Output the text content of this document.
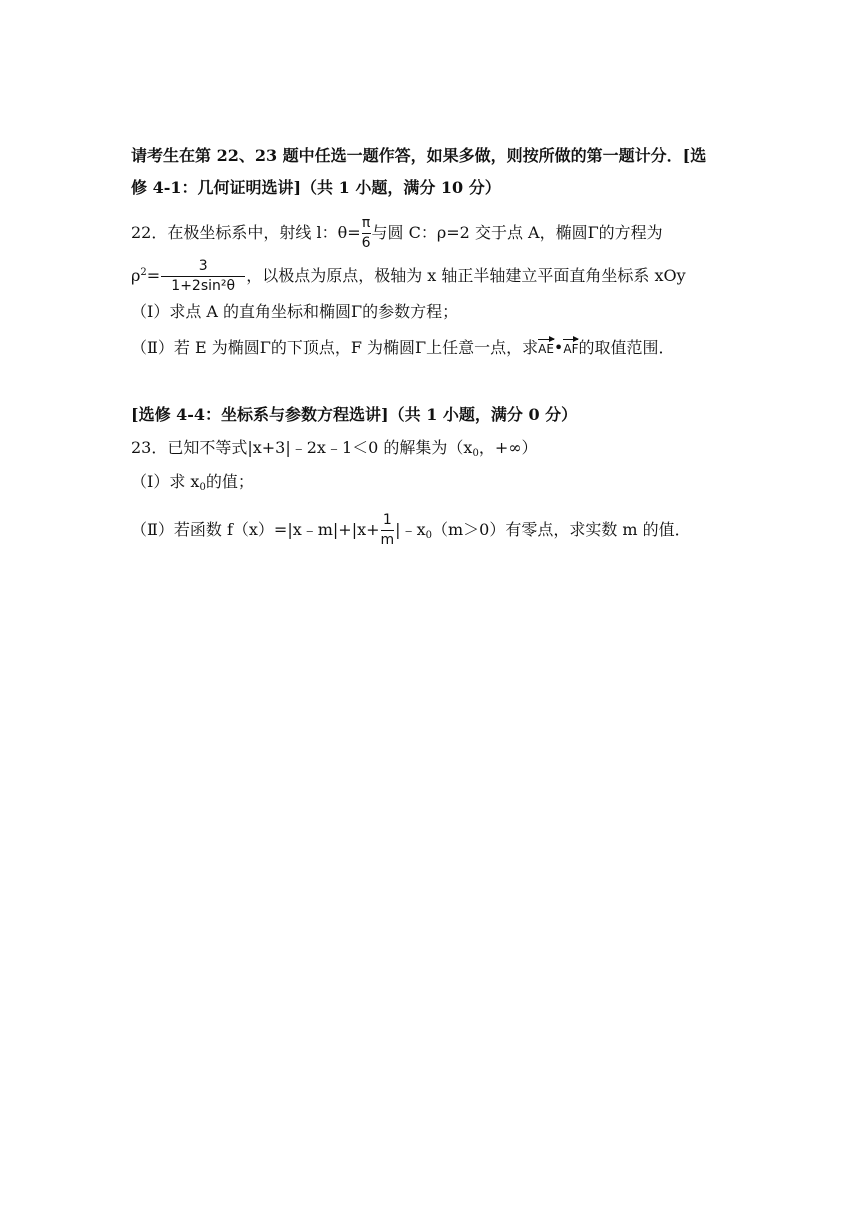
请考生在第 22、23 题中任选一题作答，如果多做，则按所做的第一题计分．[选
修 4-1：几何证明选讲]（共 1 小题，满分 10 分）
22．在极坐标系中，射线 l：$\theta= \frac{\pi}{6}$ 与圆 C：ρ=2 交于点 A，椭圆Γ的方程为
$\rho^2= \frac{3}{\text{1+2sin²θ}}$ ，以极点为原点，极轴为 x 轴正半轴建立平面直角坐标系 xOy
（Ⅰ）求点 A 的直角坐标和椭圆Γ的参数方程；
（Ⅱ）若 E 为椭圆Γ的下顶点，F 为椭圆Γ上任意一点，求
AE•
AF的取值范围．
[选修 4-4：坐标系与参数方程选讲]（共 1 小题，满分 0 分）
23．已知不等式|x+3|﹣2x﹣1＜0 的解集为（$x_0$，+∞）
（Ⅰ）求 $x_0$的值；
（Ⅱ）若函数 f（x）=|x﹣m|+|x+ $\frac{1}{m}$ $|﹣x_0(m>0)$有零点，求实数 m 的值．
